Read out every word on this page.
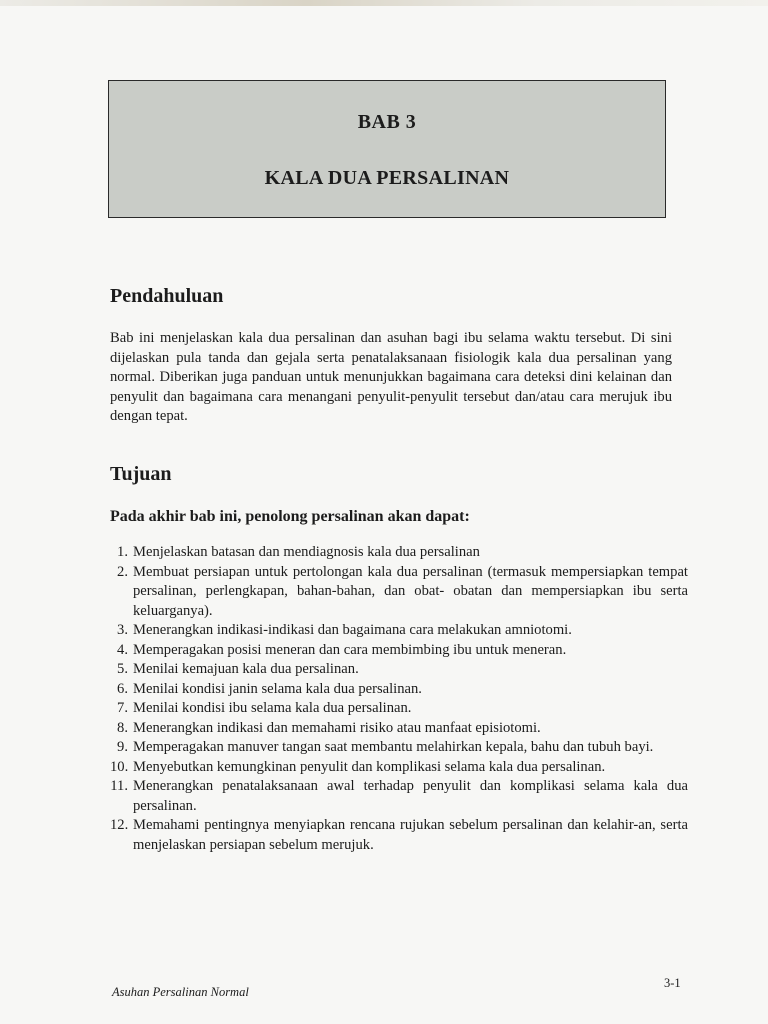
BAB 3
KALA DUA PERSALINAN
Pendahuluan

Bab ini menjelaskan kala dua persalinan dan asuhan bagi ibu selama waktu tersebut. Di sini dijelaskan pula tanda dan gejala serta penatalaksanaan fisiologik kala dua persalinan yang normal. Diberikan juga panduan untuk menunjukkan bagaimana cara deteksi dini kelainan dan penyulit dan bagaimana cara menangani penyulit-penyulit tersebut dan/atau cara merujuk ibu dengan tepat.

Tujuan
Pada akhir bab ini, penolong persalinan akan dapat:
1. Menjelaskan batasan dan mendiagnosis kala dua persalinan
2. Membuat persiapan untuk pertolongan kala dua persalinan (termasuk mempersiapkan tempat persalinan, perlengkapan, bahan-bahan, dan obat- obatan dan mempersiapkan ibu serta keluarganya).
3. Menerangkan indikasi-indikasi dan bagaimana cara melakukan amniotomi.
4. Memperagakan posisi meneran dan cara membimbing ibu untuk meneran.
5. Menilai kemajuan kala dua persalinan.
6. Menilai kondisi janin selama kala dua persalinan.
7. Menilai kondisi ibu selama kala dua persalinan.
8. Menerangkan indikasi dan memahami risiko atau manfaat episiotomi.
9. Memperagakan manuver tangan saat membantu melahirkan kepala, bahu dan tubuh bayi.
10. Menyebutkan kemungkinan penyulit dan komplikasi selama kala dua persalinan.
11. Menerangkan penatalaksanaan awal terhadap penyulit dan komplikasi selama kala dua persalinan.
12. Memahami pentingnya menyiapkan rencana rujukan sebelum persalinan dan kelahir-an, serta menjelaskan persiapan sebelum merujuk.
Asuhan Persalinan Normal
3-1
